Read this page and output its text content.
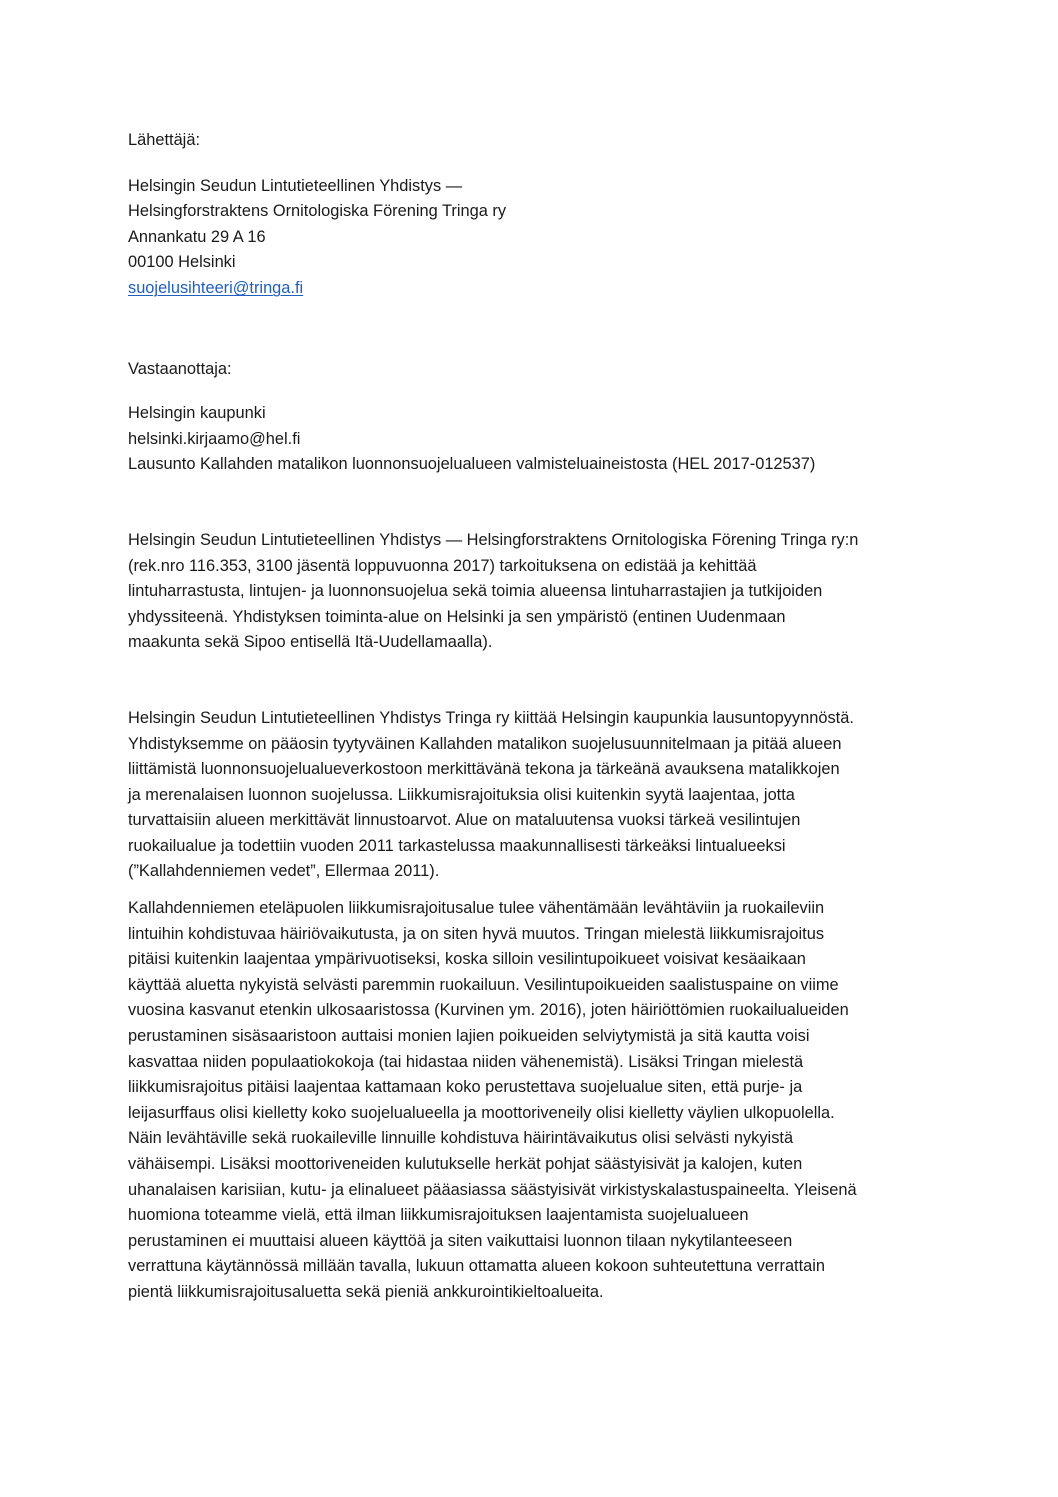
Lähettäjä:
Helsingin Seudun Lintutieteellinen Yhdistys —
Helsingforstraktens Ornitologiska Förening Tringa ry
Annankatu 29 A 16
00100 Helsinki
suojelusihteeri@tringa.fi
Vastaanottaja:
Helsingin kaupunki
helsinki.kirjaamo@hel.fi
Lausunto Kallahden matalikon luonnonsuojelualueen valmisteluaineistosta (HEL 2017-012537)
Helsingin Seudun Lintutieteellinen Yhdistys — Helsingforstraktens Ornitologiska Förening Tringa ry:n
(rek.nro 116.353, 3100 jäsentä loppuvuonna 2017) tarkoituksena on edistää ja kehittää
lintuharrastusta, lintujen- ja luonnonsuojelua sekä toimia alueensa lintuharrastajien ja tutkijoiden
yhdyssiteenä. Yhdistyksen toiminta-alue on Helsinki ja sen ympäristö (entinen Uudenmaan
maakunta sekä Sipoo entisellä Itä-Uudellamaalla).
Helsingin Seudun Lintutieteellinen Yhdistys Tringa ry kiittää Helsingin kaupunkia lausuntopyynnöstä.
Yhdistyksemme on pääosin tyytyväinen Kallahden matalikon suojelusuunnitelmaan ja pitää alueen
liittämistä luonnonsuojelualueverkostoon merkittävänä tekona ja tärkeänä avauksena matalikkojen
ja merenalaisen luonnon suojelussa. Liikkumisrajoituksia olisi kuitenkin syytä laajentaa, jotta
turvattaisiin alueen merkittävät linnustoarvot. Alue on mataluutensa vuoksi tärkeä vesilintujen
ruokailualue ja todettiin vuoden 2011 tarkastelussa maakunnallisesti tärkeäksi lintualueeksi
(”Kallahdenniemen vedet”, Ellermaa 2011).
Kallahdenniemen eteläpuolen liikkumisrajoitusalue tulee vähentämään levähtäviin ja ruokaileviin
lintuihin kohdistuvaa häiriövaikutusta, ja on siten hyvä muutos. Tringan mielestä liikkumisrajoitus
pitäisi kuitenkin laajentaa ympärivuotiseksi, koska silloin vesilintupoikueet voisivat kesäaikaan
käyttää aluetta nykyistä selvästi paremmin ruokailuun. Vesilintupoikueiden saalistuspaine on viime
vuosina kasvanut etenkin ulkosaaristossa (Kurvinen ym. 2016), joten häiriöttömien ruokailualueiden
perustaminen sisäsaaristoon auttaisi monien lajien poikueiden selviytymistä ja sitä kautta voisi
kasvattaa niiden populaatiokokoja (tai hidastaa niiden vähenemistä). Lisäksi Tringan mielestä
liikkumisrajoitus pitäisi laajentaa kattamaan koko perustettava suojelualue siten, että purje- ja
leijasurffaus olisi kielletty koko suojelualueella ja moottoriveneily olisi kielletty väylien ulkopuolella.
Näin levähtäville sekä ruokaileville linnuille kohdistuva häirintävaikutus olisi selvästi nykyistä
vähäisempi. Lisäksi moottoriveneiden kulutukselle herkät pohjat säästyisivät ja kalojen, kuten
uhanalaisen karisiian, kutu- ja elinalueet pääasiassa säästyisivät virkistyskalastuspaineelta. Yleisenä
huomiona toteamme vielä, että ilman liikkumisrajoituksen laajentamista suojelualueen
perustaminen ei muuttaisi alueen käyttöä ja siten vaikuttaisi luonnon tilaan nykytilanteeseen
verrattuna käytännössä millään tavalla, lukuun ottamatta alueen kokoon suhteutettuna verrattain
pientä liikkumisrajoitusaluetta sekä pieniä ankkurointikieltoalueita.
